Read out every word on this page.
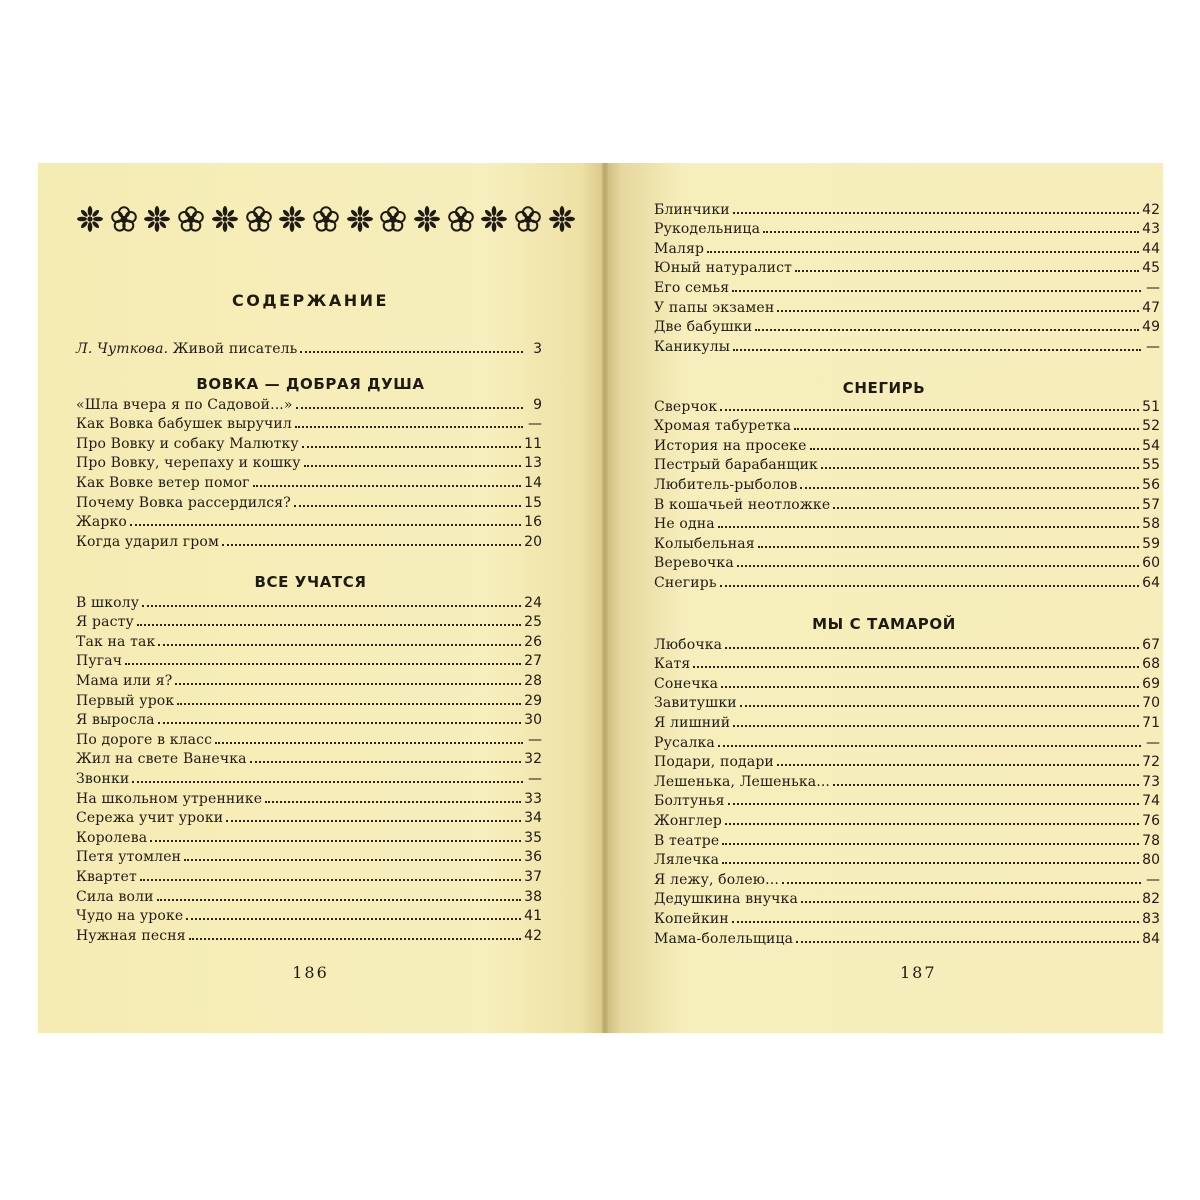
СОДЕРЖАНИЕ
Л. Чуткова. Живой писатель	3
ВОВКА — ДОБРАЯ ДУША
«Шла вчера я по Садовой...»	9
Как Вовка бабушек выручил	—
Про Вовку и собаку Малютку	11
Про Вовку, черепаху и кошку	13
Как Вовке ветер помог	14
Почему Вовка рассердился?	15
Жарко	16
Когда ударил гром	20
ВСЕ УЧАТСЯ
В школу	24
Я расту	25
Так на так	26
Пугач	27
Мама или я?	28
Первый урок	29
Я выросла	30
По дороге в класс	—
Жил на свете Ванечка	32
Звонки	—
На школьном утреннике	33
Сережа учит уроки	34
Королева	35
Петя утомлен	36
Квартет	37
Сила воли	38
Чудо на уроке	41
Нужная песня	42
186
Блинчики	42
Рукодельница	43
Маляр	44
Юный натуралист	45
Его семья	—
У папы экзамен	47
Две бабушки	49
Каникулы	—
СНЕГИРЬ
Сверчок	51
Хромая табуретка	52
История на просеке	54
Пестрый барабанщик	55
Любитель-рыболов	56
В кошачьей неотложке	57
Не одна	58
Колыбельная	59
Веревочка	60
Снегирь	64
МЫ С ТАМАРОЙ
Любочка	67
Катя	68
Сонечка	69
Завитушки	70
Я лишний	71
Русалка	—
Подари, подари	72
Лешенька, Лешенька...	73
Болтунья	74
Жонглер	76
В театре	78
Лялечка	80
Я лежу, болею...	—
Дедушкина внучка	82
Копейкин	83
Мама-болельщица	84
187
